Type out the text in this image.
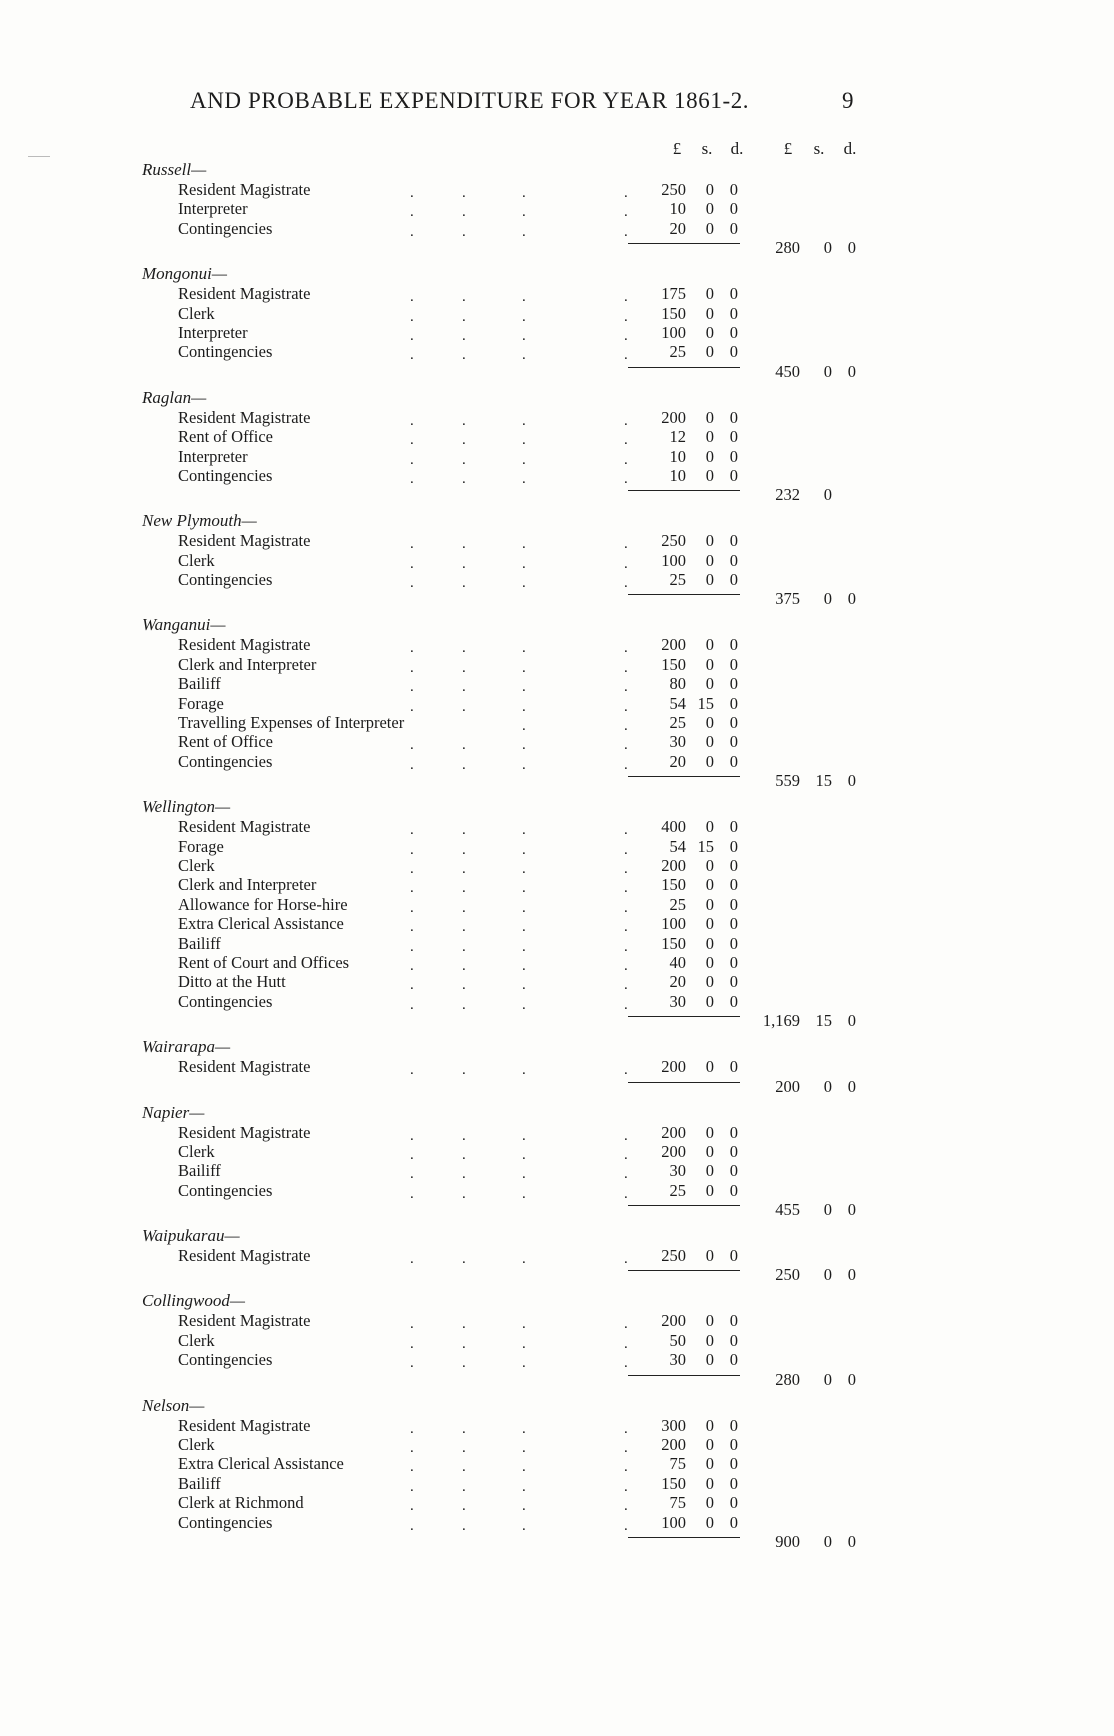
AND PROBABLE EXPENDITURE FOR YEAR 1861-2.	9
£	s.	d.	£	s.	d.
Russell—
Resident Magistrate	.	.	.	.	250	0 0
Interpreter	.	.	.	.	10	0 0
Contingencies	.	.	.	.	20	0 0
280	0 0
Mongonui—
Resident Magistrate	.	.	.	.	175	0 0
Clerk	.	.	.	.	150	0 0
Interpreter	.	.	.	.	100	0 0
Contingencies	.	.	.	.	25	0 0
450	0 0
Raglan—
Resident Magistrate	.	.	.	.	200	0 0
Rent of Office	.	.	.	.	12	0 0
Interpreter	.	.	.	.	10	0 0
Contingencies	.	.	.	.	10	0 0
232	0
New Plymouth—
Resident Magistrate	.	.	.	.	250	0 0
Clerk	.	.	.	.	100	0 0
Contingencies	.	.	.	.	25	0 0
375	0 0
Wanganui—
Resident Magistrate	.	.	.	.	200	0 0
Clerk and Interpreter	.	.	.	.	150	0 0
Bailiff	.	.	.	.	80	0 0
Forage	.	.	.	.	54 15 0
Travelling Expenses of Interpreter	.	.	25	0 0
Rent of Office	.	.	.	.	30	0 0
Contingencies	.	.	.	.	20	0 0
559 15 0
Wellington—
Resident Magistrate	.	.	.	.	400	0 0
Forage	.	.	.	.	54 15 0
Clerk	.	.	.	.	200	0 0
Clerk and Interpreter	.	.	.	.	150	0 0
Allowance for Horse-hire	.	.	.	.	25	0 0
Extra Clerical Assistance	.	.	.	.	100	0 0
Bailiff	.	.	.	.	150	0 0
Rent of Court and Offices	.	.	.	.	40	0 0
Ditto at the Hutt	.	.	.	.	20	0 0
Contingencies	.	.	.	.	30	0 0
1,169 15 0
Wairarapa—
Resident Magistrate	.	.	.	.	200	0 0
200	0 0
Napier—
Resident Magistrate	.	.	.	.	200	0 0
Clerk	.	.	.	.	200	0 0
Bailiff	.	.	.	.	30	0 0
Contingencies	.	.	.	.	25	0 0
455	0 0
Waipukarau—
Resident Magistrate	.	.	.	.	250	0 0
250	0 0
Collingwood—
Resident Magistrate	.	.	.	.	200	0 0
Clerk	.	.	.	.	50	0 0
Contingencies	.	.	.	.	30	0 0
280	0 0
Nelson—
Resident Magistrate	.	.	.	.	300	0 0
Clerk	.	.	.	.	200	0 0
Extra Clerical Assistance	.	.	.	.	75	0 0
Bailiff	.	.	.	.	150	0 0
Clerk at Richmond	.	.	.	.	75	0 0
Contingencies	.	.	.	.	100	0 0
900	0 0
